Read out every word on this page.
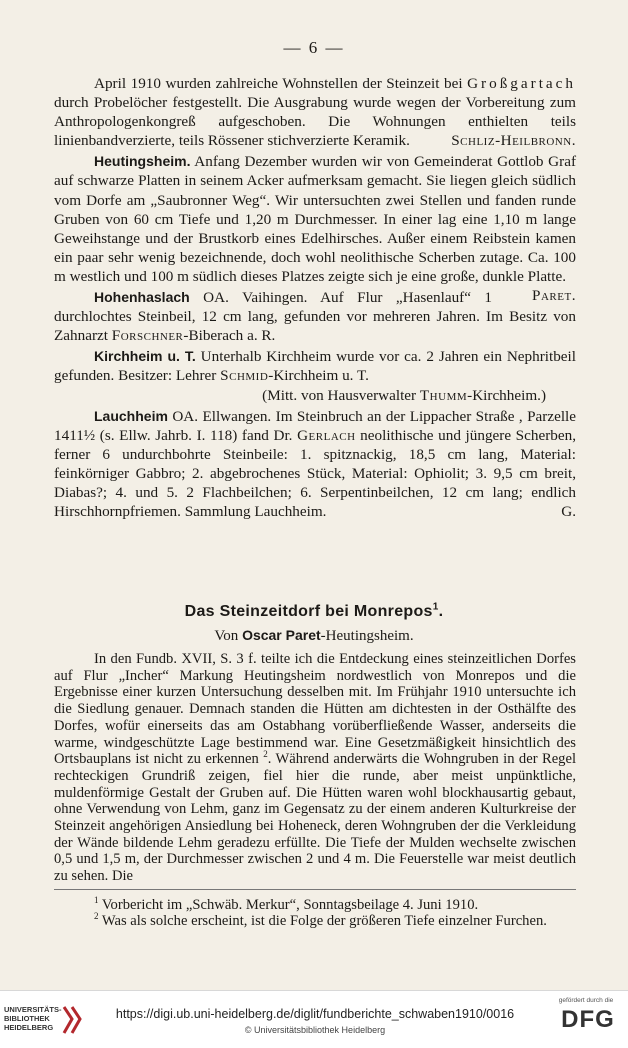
— 6 —

April 1910 wurden zahlreiche Wohnstellen der Steinzeit bei Großgartach durch Probelöcher festgestellt. Die Ausgrabung wurde wegen der Vorbereitung zum Anthropologenkongreß aufgeschoben. Die Wohnungen enthielten teils linienbandverzierte, teils Rössener stichverzierte Keramik.	Schliz-Heilbronn.

Heutingsheim. Anfang Dezember wurden wir von Gemeinderat Gottlob Graf auf schwarze Platten in seinem Acker aufmerksam gemacht. Sie liegen gleich südlich vom Dorfe am „Saubronner Weg“. Wir untersuchten zwei Stellen und fanden runde Gruben von 60 cm Tiefe und 1,20 m Durchmesser. In einer lag eine 1,10 m lange Geweihstange und der Brustkorb eines Edelhirsches. Außer einem Reibstein kamen ein paar sehr wenig bezeichnende, doch wohl neolithische Scherben zutage. Ca. 100 m westlich und 100 m südlich dieses Platzes zeigte sich je eine große, dunkle Platte.
Paret.

Hohenhaslach OA. Vaihingen. Auf Flur „Hasenlauf“ 1 durchlochtes Steinbeil, 12 cm lang, gefunden vor mehreren Jahren. Im Besitz von Zahnarzt Forschner-Biberach a. R.

Kirchheim u. T. Unterhalb Kirchheim wurde vor ca. 2 Jahren ein Nephritbeil gefunden. Besitzer: Lehrer Schmid-Kirchheim u. T.
(Mitt. von Hausverwalter Thumm-Kirchheim.)

Lauchheim OA. Ellwangen. Im Steinbruch an der Lippacher Straße , Parzelle 1411½ (s. Ellw. Jahrb. I. 118) fand Dr. Gerlach neolithische und jüngere Scherben, ferner 6 undurchbohrte Steinbeile: 1. spitznackig, 18,5 cm lang, Material: feinkörniger Gabbro; 2. abgebrochenes Stück, Material: Ophiolit; 3. 9,5 cm breit, Diabas?; 4. und 5. 2 Flachbeilchen; 6. Serpentinbeilchen, 12 cm lang; endlich Hirschhornpfriemen. Sammlung Lauchheim.	G.

Das Steinzeitdorf bei Monrepos$^1$.
Von Oscar Paret-Heutingsheim.

In den Fundb. XVII, S. 3 f. teilte ich die Entdeckung eines steinzeitlichen Dorfes auf Flur „Incher“ Markung Heutingsheim nordwestlich von Monrepos und die Ergebnisse einer kurzen Untersuchung desselben mit. Im Frühjahr 1910 untersuchte ich die Siedlung genauer. Demnach standen die Hütten am dichtesten in der Osthälfte des Dorfes, wofür einerseits das am Ostabhang vorüberfließende Wasser, anderseits die warme, windgeschützte Lage bestimmend war. Eine Gesetzmäßigkeit hinsichtlich des Ortsbauplans ist nicht zu erkennen $^2$. Während anderwärts die Wohngruben in der Regel rechteckigen Grundriß zeigen, fiel hier die runde, aber meist unpünktliche, muldenförmige Gestalt der Gruben auf. Die Hütten waren wohl blockhausartig gebaut, ohne Verwendung von Lehm, ganz im Gegensatz zu der einem anderen Kulturkreise der Steinzeit angehörigen Ansiedlung bei Hoheneck, deren Wohngruben der die Verkleidung der Wände bildende Lehm geradezu erfüllte. Die Tiefe der Mulden wechselte zwischen 0,5 und 1,5 m, der Durchmesser zwischen 2 und 4 m. Die Feuerstelle war meist deutlich zu sehen. Die

$^1$ Vorbericht im „Schwäb. Merkur“, Sonntagsbeilage 4. Juni 1910.

$^2$ Was als solche erscheint, ist die Folge der größeren Tiefe einzelner Furchen.

UNIVERSITÄTS-
BIBLIOTHEK
HEIDELBERG
https://digi.ub.uni-heidelberg.de/diglit/fundberichte_schwaben1910/0016
© Universitätsbibliothek Heidelberg
gefördert durch die
DFG
